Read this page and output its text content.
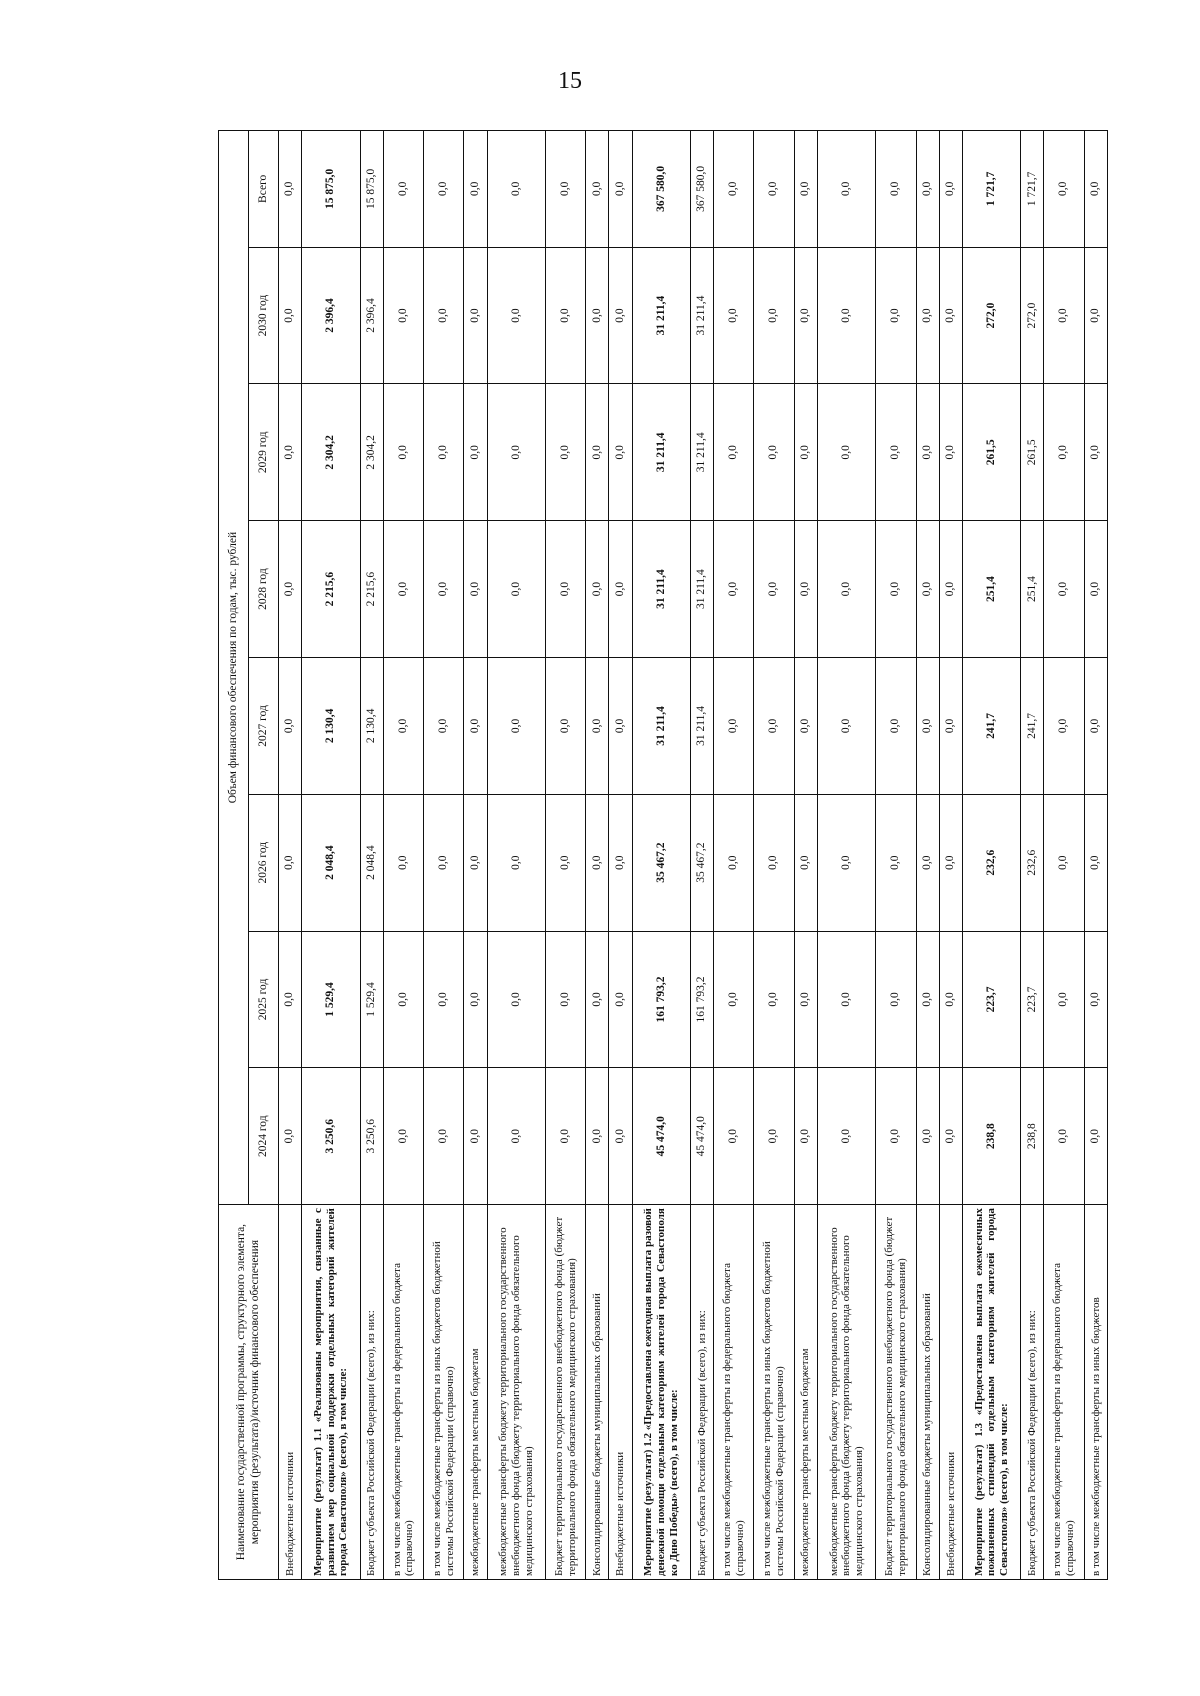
15
Наименование государственной программы, структурного элемента, мероприятия (результата)/источник финансового обеспечения	Объем финансового обеспечения по годам, тыс. рублей							
	2024 год	2025 год	2026 год	2027 год	2028 год	2029 год	2030 год	Всего
Внебюджетные источники	0,0	0,0	0,0	0,0	0,0	0,0	0,0	0,0
Мероприятие (результат) 1.1 «Реализованы мероприятия, связанные с развитием мер социальной поддержки отдельных категорий жителей города Севастополя» (всего), в том числе:	3 250,6	1 529,4	2 048,4	2 130,4	2 215,6	2 304,2	2 396,4	15 875,0
Бюджет субъекта Российской Федерации (всего), из них:	3 250,6	1 529,4	2 048,4	2 130,4	2 215,6	2 304,2	2 396,4	15 875,0
в том числе межбюджетные трансферты из федерального бюджета (справочно)	0,0	0,0	0,0	0,0	0,0	0,0	0,0	0,0
в том числе межбюджетные трансферты из иных бюджетов бюджетной системы Российской Федерации (справочно)	0,0	0,0	0,0	0,0	0,0	0,0	0,0	0,0
межбюджетные трансферты местным бюджетам	0,0	0,0	0,0	0,0	0,0	0,0	0,0	0,0
межбюджетные трансферты бюджету территориального государственного внебюджетного фонда (бюджету территориального фонда обязательного медицинского страхования)	0,0	0,0	0,0	0,0	0,0	0,0	0,0	0,0
Бюджет территориального государственного внебюджетного фонда (бюджет территориального фонда обязательного медицинского страхования)	0,0	0,0	0,0	0,0	0,0	0,0	0,0	0,0
Консолидированные бюджеты муниципальных образований	0,0	0,0	0,0	0,0	0,0	0,0	0,0	0,0
Внебюджетные источники	0,0	0,0	0,0	0,0	0,0	0,0	0,0	0,0
Мероприятие (результат) 1.2 «Предоставлена ежегодная выплата разовой денежной помощи отдельным категориям жителей города Севастополя ко Дню Победы» (всего), в том числе:	45 474,0	161 793,2	35 467,2	31 211,4	31 211,4	31 211,4	31 211,4	367 580,0
Бюджет субъекта Российской Федерации (всего), из них:	45 474,0	161 793,2	35 467,2	31 211,4	31 211,4	31 211,4	31 211,4	367 580,0
в том числе межбюджетные трансферты из федерального бюджета (справочно)	0,0	0,0	0,0	0,0	0,0	0,0	0,0	0,0
в том числе межбюджетные трансферты из иных бюджетов бюджетной системы Российской Федерации (справочно)	0,0	0,0	0,0	0,0	0,0	0,0	0,0	0,0
межбюджетные трансферты местным бюджетам	0,0	0,0	0,0	0,0	0,0	0,0	0,0	0,0
межбюджетные трансферты бюджету территориального государственного внебюджетного фонда (бюджету территориального фонда обязательного медицинского страхования)	0,0	0,0	0,0	0,0	0,0	0,0	0,0	0,0
Бюджет территориального государственного внебюджетного фонда (бюджет территориального фонда обязательного медицинского страхования)	0,0	0,0	0,0	0,0	0,0	0,0	0,0	0,0
Консолидированные бюджеты муниципальных образований	0,0	0,0	0,0	0,0	0,0	0,0	0,0	0,0
Внебюджетные источники	0,0	0,0	0,0	0,0	0,0	0,0	0,0	0,0
Мероприятие (результат) 1.3 «Предоставлена выплата ежемесячных пожизненных стипендий отдельным категориям жителей города Севастополя» (всего), в том числе:	238,8	223,7	232,6	241,7	251,4	261,5	272,0	1 721,7
Бюджет субъекта Российской Федерации (всего), из них:	238,8	223,7	232,6	241,7	251,4	261,5	272,0	1 721,7
в том числе межбюджетные трансферты из федерального бюджета (справочно)	0,0	0,0	0,0	0,0	0,0	0,0	0,0	0,0
в том числе межбюджетные трансферты из иных бюджетов	0,0	0,0	0,0	0,0	0,0	0,0	0,0	0,0
